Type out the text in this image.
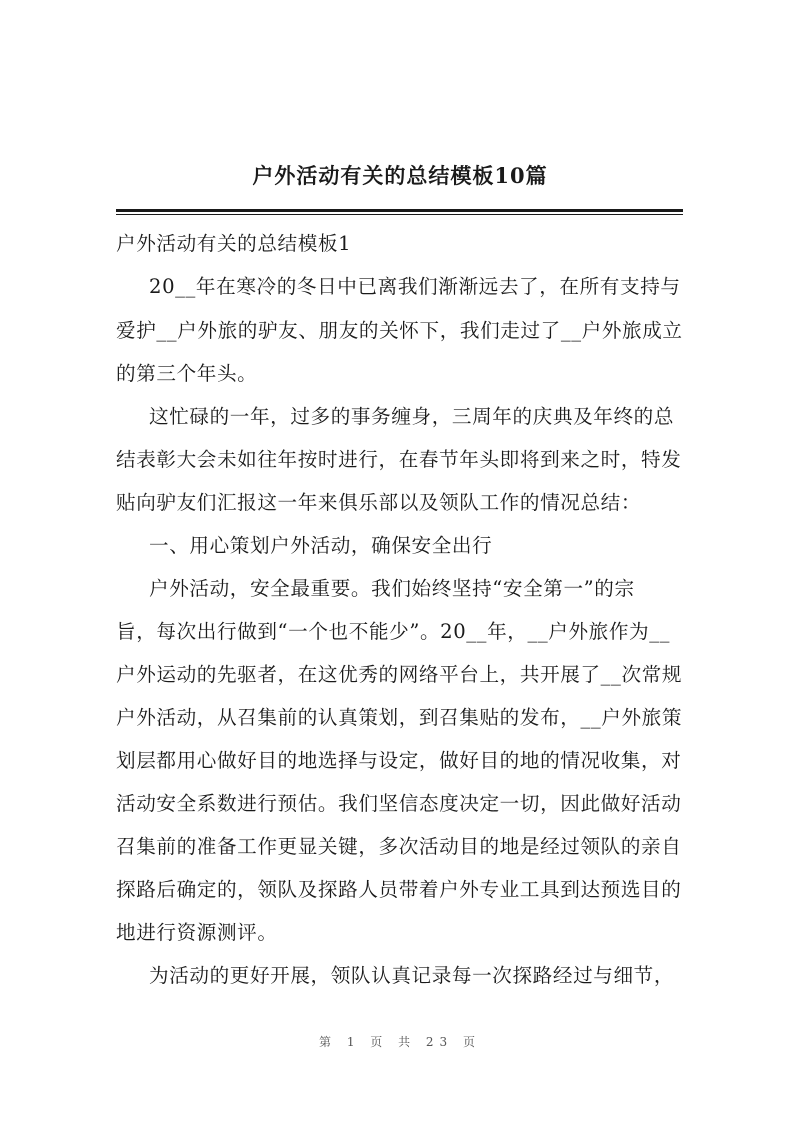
户外活动有关的总结模板10篇
户外活动有关的总结模板1
20__年在寒冷的冬日中已离我们渐渐远去了，在所有支持与
爱护__户外旅的驴友、朋友的关怀下，我们走过了__户外旅成立
的第三个年头。
这忙碌的一年，过多的事务缠身，三周年的庆典及年终的总
结表彰大会未如往年按时进行，在春节年头即将到来之时，特发
贴向驴友们汇报这一年来俱乐部以及领队工作的情况总结：
一、用心策划户外活动，确保安全出行
户外活动，安全最重要。我们始终坚持“安全第一”的宗
旨，每次出行做到“一个也不能少”。20__年，__户外旅作为__
户外运动的先驱者，在这优秀的网络平台上，共开展了__次常规
户外活动，从召集前的认真策划，到召集贴的发布，__户外旅策
划层都用心做好目的地选择与设定，做好目的地的情况收集，对
活动安全系数进行预估。我们坚信态度决定一切，因此做好活动
召集前的准备工作更显关键，多次活动目的地是经过领队的亲自
探路后确定的，领队及探路人员带着户外专业工具到达预选目的
地进行资源测评。
为活动的更好开展，领队认真记录每一次探路经过与细节，
第 1 页 共 23 页
